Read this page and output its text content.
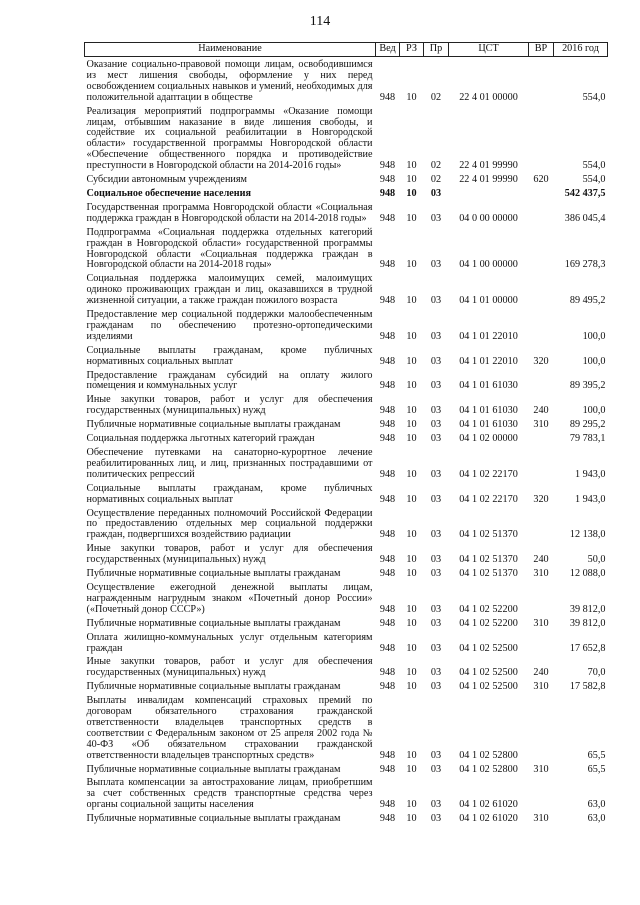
114
Наименование	Вед	РЗ	Пр	ЦСТ	ВР	2016 год
Оказание социально-правовой помощи лицам, освободившимся из мест лишения свободы, оформление у них перед освобождением социальных навыков и умений, необходимых для положительной адаптации в обществе	948	10	02	22 4 01 00000		554,0
Реализация мероприятий подпрограммы «Оказание помощи лицам, отбывшим наказание в виде лишения свободы, и содействие их социальной реабилитации в Новгородской области» государственной программы Новгородской области «Обеспечение общественного порядка и противодействие преступности в Новгородской области на 2014-2016 годы»	948	10	02	22 4 01 99990		554,0
Субсидии автономным учреждениям	948	10	02	22 4 01 99990	620	554,0
Социальное обеспечение населения	948	10	03			542 437,5
Государственная программа Новгородской области «Социальная поддержка граждан в Новгородской области на 2014-2018 годы»	948	10	03	04 0 00 00000		386 045,4
Подпрограмма «Социальная поддержка отдельных категорий граждан в Новгородской области» государственной программы Новгородской области «Социальная поддержка граждан в Новгородской области на 2014-2018 годы»	948	10	03	04 1 00 00000		169 278,3
Социальная поддержка малоимущих семей, малоимущих одиноко проживающих граждан и лиц, оказавшихся в трудной жизненной ситуации, а также граждан пожилого возраста	948	10	03	04 1 01 00000		89 495,2
Предоставление мер социальной поддержки малообеспеченным гражданам по обеспечению протезно-ортопедическими изделиями	948	10	03	04 1 01 22010		100,0
Социальные выплаты гражданам, кроме публичных нормативных социальных выплат	948	10	03	04 1 01 22010	320	100,0
Предоставление гражданам субсидий на оплату жилого помещения и коммунальных услуг	948	10	03	04 1 01 61030		89 395,2
Иные закупки товаров, работ и услуг для обеспечения государственных (муниципальных) нужд	948	10	03	04 1 01 61030	240	100,0
Публичные нормативные социальные выплаты гражданам	948	10	03	04 1 01 61030	310	89 295,2
Социальная поддержка льготных категорий граждан	948	10	03	04 1 02 00000		79 783,1
Обеспечение путевками на санаторно-курортное лечение реабилитированных лиц, и лиц, признанных пострадавшими от политических репрессий	948	10	03	04 1 02 22170		1 943,0
Социальные выплаты гражданам, кроме публичных нормативных социальных выплат	948	10	03	04 1 02 22170	320	1 943,0
Осуществление переданных полномочий Российской Федерации по предоставлению отдельных мер социальной поддержки граждан, подвергшихся воздействию радиации	948	10	03	04 1 02 51370		12 138,0
Иные закупки товаров, работ и услуг для обеспечения государственных (муниципальных) нужд	948	10	03	04 1 02 51370	240	50,0
Публичные нормативные социальные выплаты гражданам	948	10	03	04 1 02 51370	310	12 088,0
Осуществление ежегодной денежной выплаты лицам, награжденным нагрудным знаком «Почетный донор России» («Почетный донор СССР»)	948	10	03	04 1 02 52200		39 812,0
Публичные нормативные социальные выплаты гражданам	948	10	03	04 1 02 52200	310	39 812,0
Оплата жилищно-коммунальных услуг отдельным категориям граждан	948	10	03	04 1 02 52500		17 652,8
Иные закупки товаров, работ и услуг для обеспечения государственных (муниципальных) нужд	948	10	03	04 1 02 52500	240	70,0
Публичные нормативные социальные выплаты гражданам	948	10	03	04 1 02 52500	310	17 582,8
Выплаты инвалидам компенсаций страховых премий по договорам обязательного страхования гражданской ответственности владельцев транспортных средств в соответствии с Федеральным законом от 25 апреля 2002 года № 40-ФЗ «Об обязательном страховании гражданской ответственности владельцев транспортных средств»	948	10	03	04 1 02 52800		65,5
Публичные нормативные социальные выплаты гражданам	948	10	03	04 1 02 52800	310	65,5
Выплата компенсации за автострахование лицам, приобретшим за счет собственных средств транспортные средства через органы социальной защиты населения	948	10	03	04 1 02 61020		63,0
Публичные нормативные социальные выплаты гражданам	948	10	03	04 1 02 61020	310	63,0
